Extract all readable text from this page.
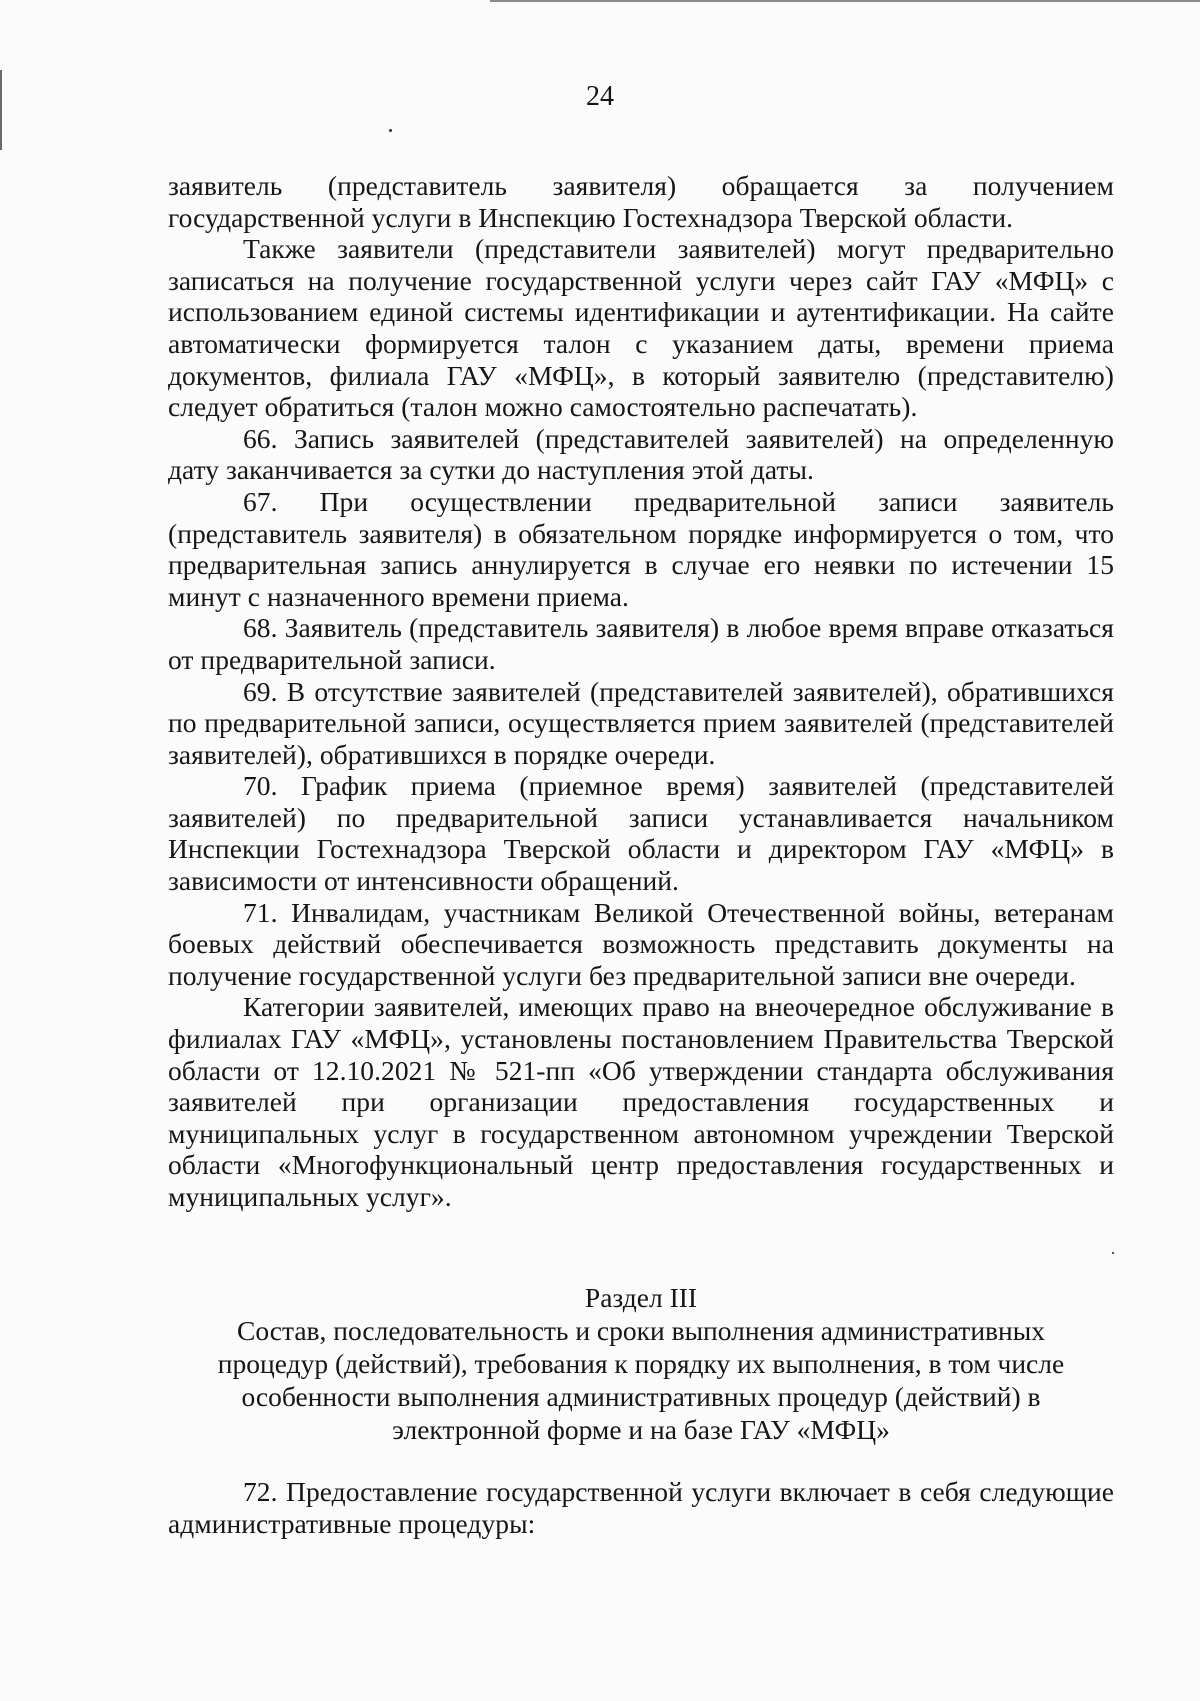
24

заявитель (представитель заявителя) обращается за получением государственной услуги в Инспекцию Гостехнадзора Тверской области.

Также заявители (представители заявителей) могут предварительно записаться на получение государственной услуги через сайт ГАУ «МФЦ» с использованием единой системы идентификации и аутентификации. На сайте автоматически формируется талон с указанием даты, времени приема документов, филиала ГАУ «МФЦ», в который заявителю (представителю) следует обратиться (талон можно самостоятельно распечатать).

66. Запись заявителей (представителей заявителей) на определенную дату заканчивается за сутки до наступления этой даты.

67. При осуществлении предварительной записи заявитель (представитель заявителя) в обязательном порядке информируется о том, что предварительная запись аннулируется в случае его неявки по истечении 15 минут с назначенного времени приема.

68. Заявитель (представитель заявителя) в любое время вправе отказаться от предварительной записи.

69. В отсутствие заявителей (представителей заявителей), обратившихся по предварительной записи, осуществляется прием заявителей (представителей заявителей), обратившихся в порядке очереди.

70. График приема (приемное время) заявителей (представителей заявителей) по предварительной записи устанавливается начальником Инспекции Гостехнадзора Тверской области и директором ГАУ «МФЦ» в зависимости от интенсивности обращений.

71. Инвалидам, участникам Великой Отечественной войны, ветеранам боевых действий обеспечивается возможность представить документы на получение государственной услуги без предварительной записи вне очереди.

Категории заявителей, имеющих право на внеочередное обслуживание в филиалах ГАУ «МФЦ», установлены постановлением Правительства Тверской области от 12.10.2021 № 521-пп «Об утверждении стандарта обслуживания заявителей при организации предоставления государственных и муниципальных услуг в государственном автономном учреждении Тверской области «Многофункциональный центр предоставления государственных и муниципальных услуг».

Раздел III
Состав, последовательность и сроки выполнения административных
процедур (действий), требования к порядку их выполнения, в том числе
особенности выполнения административных процедур (действий) в
электронной форме и на базе ГАУ «МФЦ»

72. Предоставление государственной услуги включает в себя следующие административные процедуры:
